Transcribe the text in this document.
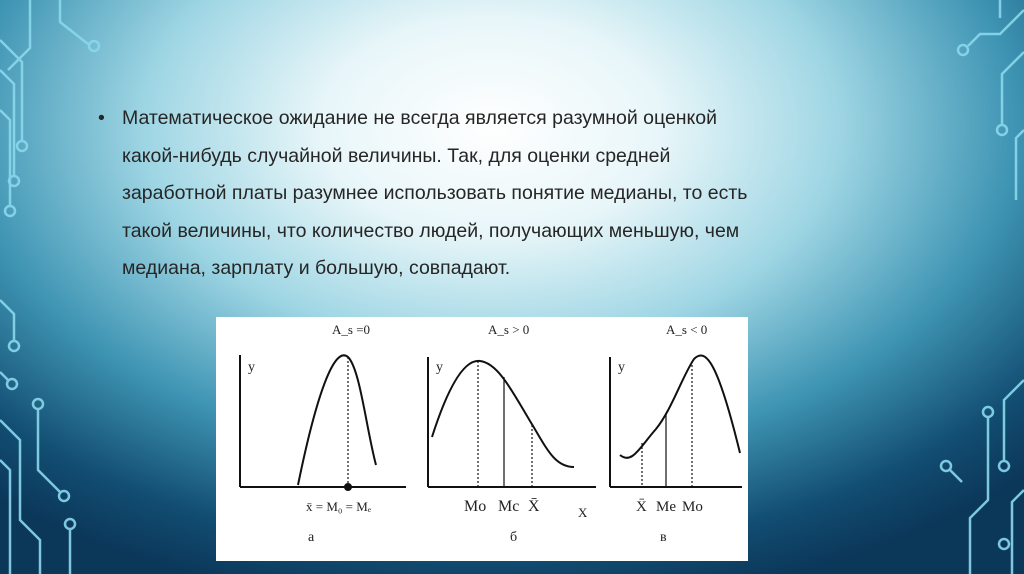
• Математическое ожидание не всегда является разумной оценкой
какой-нибудь случайной величины. Так, для оценки средней
заработной платы разумнее использовать понятие медианы, то есть
такой величины, что количество людей, получающих меньшую, чем
медиана, зарплату и большую, совпадают.
A_s =0
y
x̄ = M₀ = Mₑ
а
A_s > 0
y
Mo Mc X̄	X
б
A_s < 0
y
X̄ Me Mo
в
